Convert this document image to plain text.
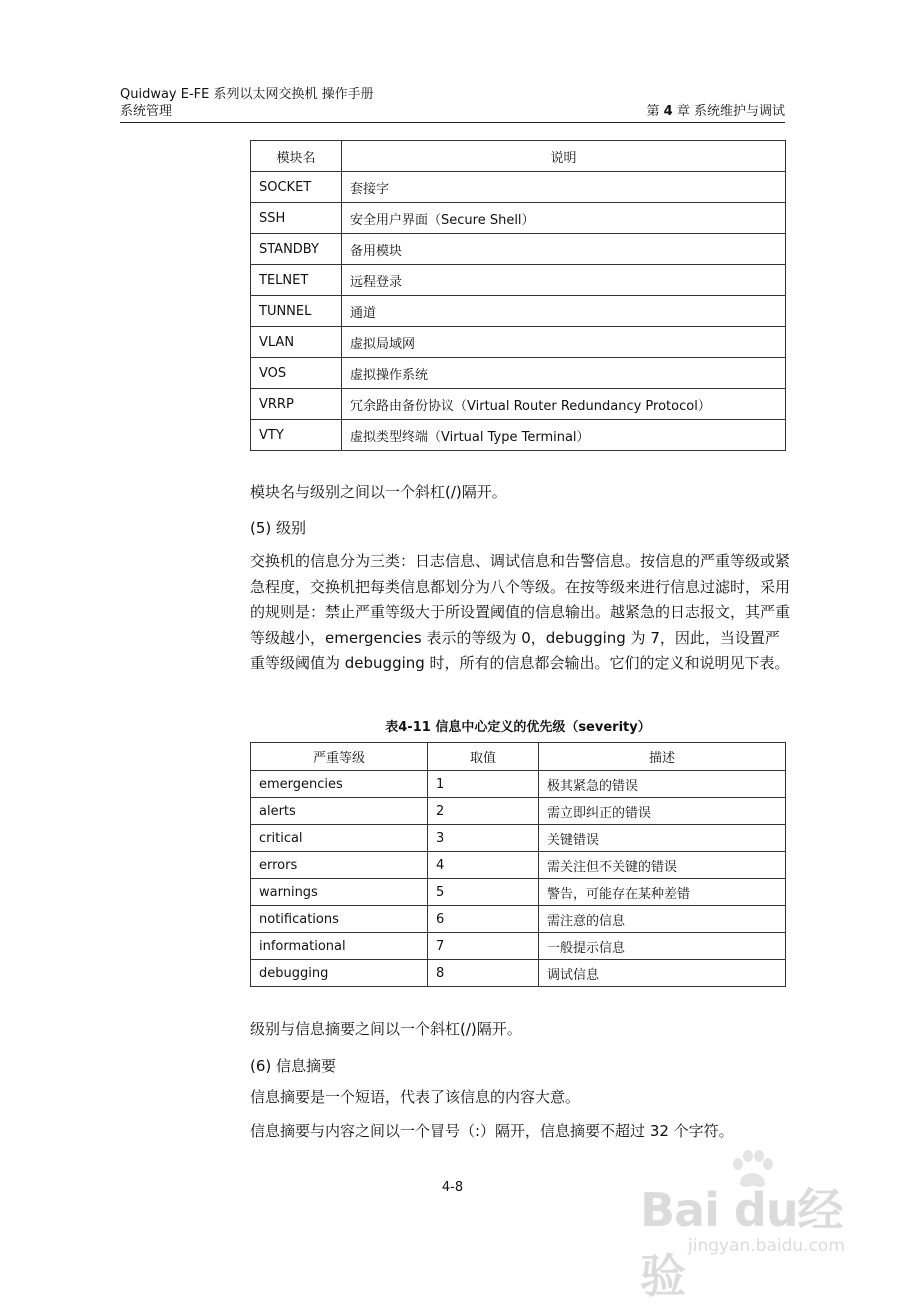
Quidway E-FE 系列以太网交换机 操作手册
系统管理	第 4 章 系统维护与调试
模块名	说明
SOCKET	套接字
SSH	安全用户界面（Secure Shell）
STANDBY	备用模块
TELNET	远程登录
TUNNEL	通道
VLAN	虚拟局域网
VOS	虚拟操作系统
VRRP	冗余路由备份协议（Virtual Router Redundancy Protocol）
VTY	虚拟类型终端（Virtual Type Terminal）
模块名与级别之间以一个斜杠(/)隔开。
(5) 级别
交换机的信息分为三类：日志信息、调试信息和告警信息。按信息的严重等级或紧急程度，交换机把每类信息都划分为八个等级。在按等级来进行信息过滤时，采用的规则是：禁止严重等级大于所设置阈值的信息输出。越紧急的日志报文，其严重等级越小，emergencies 表示的等级为 0，debugging 为 7，因此，当设置严重等级阈值为 debugging 时，所有的信息都会输出。它们的定义和说明见下表。
表4-11 信息中心定义的优先级（severity）
严重等级	取值	描述
emergencies	1	极其紧急的错误
alerts	2	需立即纠正的错误
critical	3	关键错误
errors	4	需关注但不关键的错误
warnings	5	警告，可能存在某种差错
notifications	6	需注意的信息
informational	7	一般提示信息
debugging	8	调试信息
级别与信息摘要之间以一个斜杠(/)隔开。
(6) 信息摘要
信息摘要是一个短语，代表了该信息的内容大意。
信息摘要与内容之间以一个冒号（:）隔开，信息摘要不超过 32 个字符。
4-8	Bai du经验
jingyan.baidu.com
